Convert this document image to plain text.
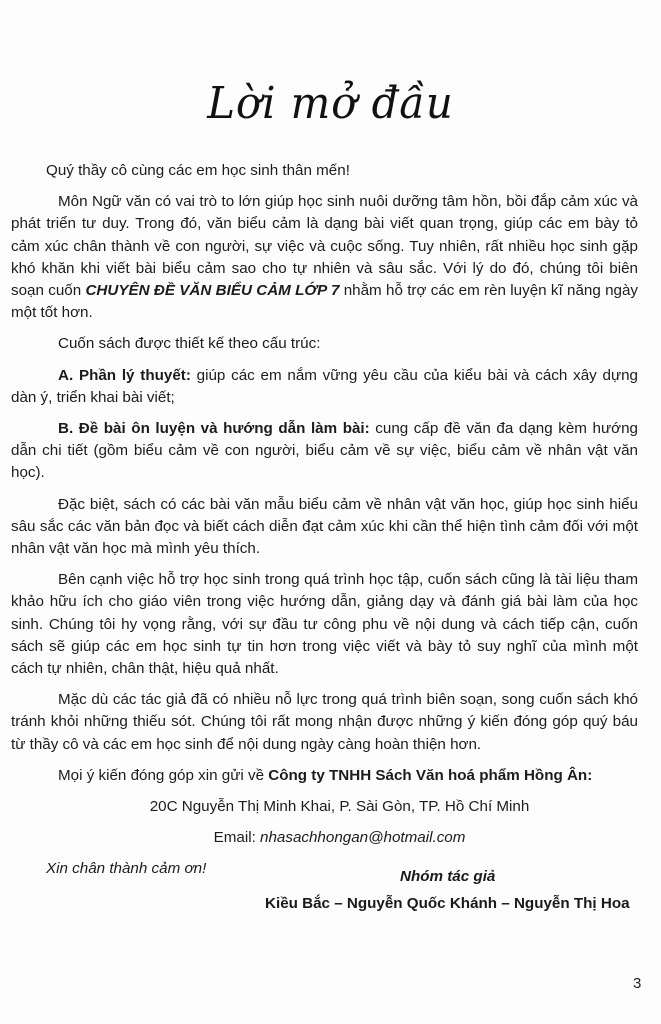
Lời mở đầu

Quý thầy cô cùng các em học sinh thân mến!

Môn Ngữ văn có vai trò to lớn giúp học sinh nuôi dưỡng tâm hồn, bồi đắp cảm xúc và phát triển tư duy. Trong đó, văn biểu cảm là dạng bài viết quan trọng, giúp các em bày tỏ cảm xúc chân thành về con người, sự việc và cuộc sống. Tuy nhiên, rất nhiều học sinh gặp khó khăn khi viết bài biểu cảm sao cho tự nhiên và sâu sắc. Với lý do đó, chúng tôi biên soạn cuốn CHUYÊN ĐỀ VĂN BIỂU CẢM LỚP 7 nhằm hỗ trợ các em rèn luyện kĩ năng ngày một tốt hơn.

Cuốn sách được thiết kế theo cấu trúc:

A. Phần lý thuyết: giúp các em nắm vững yêu cầu của kiểu bài và cách xây dựng dàn ý, triển khai bài viết;

B. Đề bài ôn luyện và hướng dẫn làm bài: cung cấp đề văn đa dạng kèm hướng dẫn chi tiết (gồm biểu cảm về con người, biểu cảm về sự việc, biểu cảm về nhân vật văn học).

Đặc biệt, sách có các bài văn mẫu biểu cảm về nhân vật văn học, giúp học sinh hiểu sâu sắc các văn bản đọc và biết cách diễn đạt cảm xúc khi cần thể hiện tình cảm đối với một nhân vật văn học mà mình yêu thích.

Bên cạnh việc hỗ trợ học sinh trong quá trình học tập, cuốn sách cũng là tài liệu tham khảo hữu ích cho giáo viên trong việc hướng dẫn, giảng dạy và đánh giá bài làm của học sinh. Chúng tôi hy vọng rằng, với sự đầu tư công phu về nội dung và cách tiếp cận, cuốn sách sẽ giúp các em học sinh tự tin hơn trong việc viết và bày tỏ suy nghĩ của mình một cách tự nhiên, chân thật, hiệu quả nhất.

Mặc dù các tác giả đã có nhiều nỗ lực trong quá trình biên soạn, song cuốn sách khó tránh khỏi những thiếu sót. Chúng tôi rất mong nhận được những ý kiến đóng góp quý báu từ thầy cô và các em học sinh để nội dung ngày càng hoàn thiện hơn.

Mọi ý kiến đóng góp xin gửi về Công ty TNHH Sách Văn hoá phẩm Hồng Ân:

20C Nguyễn Thị Minh Khai, P. Sài Gòn, TP. Hồ Chí Minh

Email: nhasachhongan@hotmail.com

Xin chân thành cảm ơn!	Nhóm tác giả
Kiều Bắc – Nguyễn Quốc Khánh – Nguyễn Thị Hoa
3
